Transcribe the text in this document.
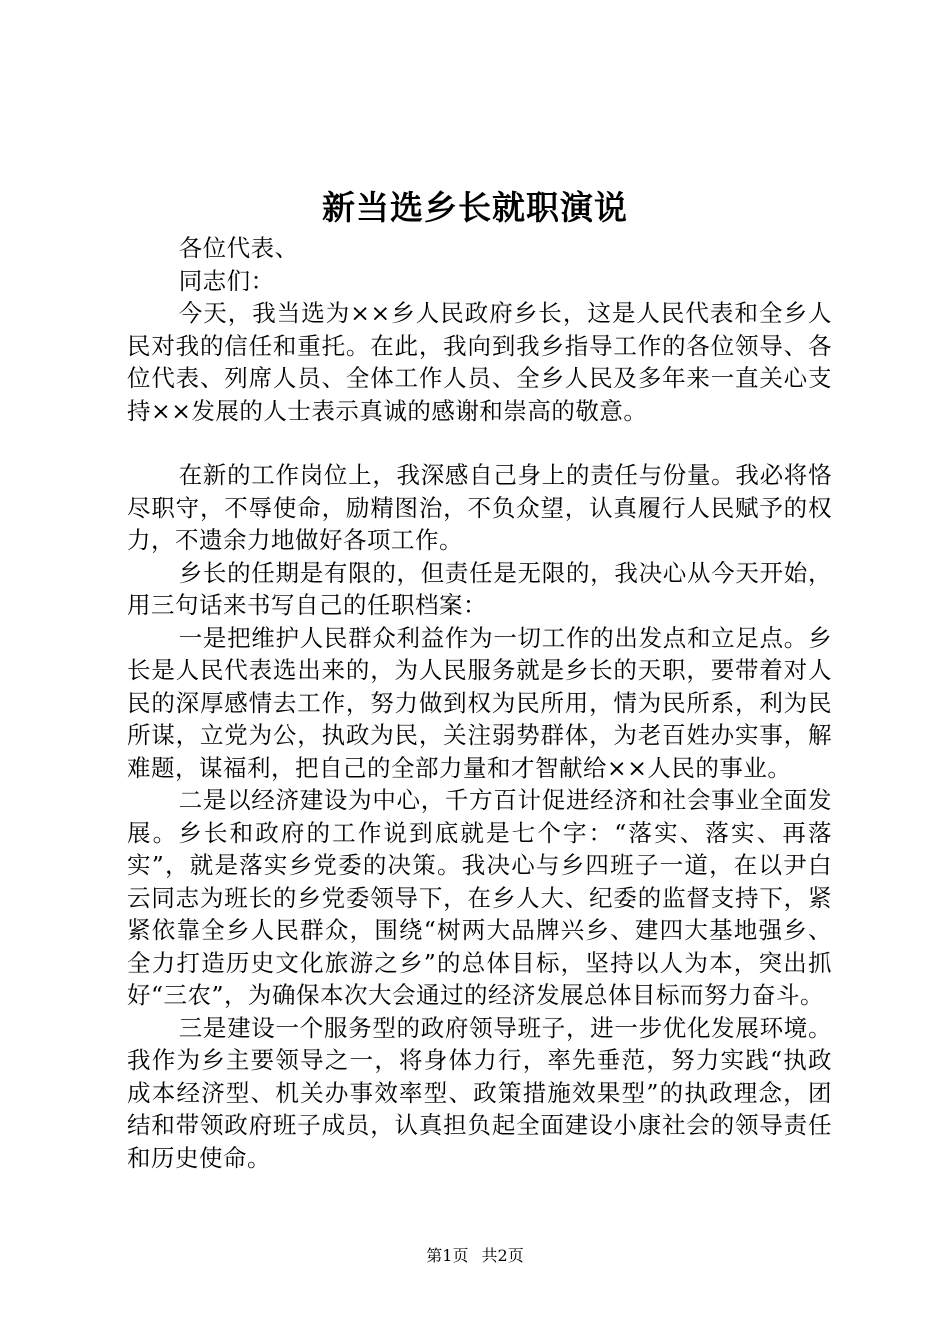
新当选乡长就职演说

各位代表、

同志们：

今天，我当选为××乡人民政府乡长，这是人民代表和全乡人民对我的信任和重托。在此，我向到我乡指导工作的各位领导、各位代表、列席人员、全体工作人员、全乡人民及多年来一直关心支持××发展的人士表示真诚的感谢和崇高的敬意。

在新的工作岗位上，我深感自己身上的责任与份量。我必将恪尽职守，不辱使命，励精图治，不负众望，认真履行人民赋予的权力，不遗余力地做好各项工作。

乡长的任期是有限的，但责任是无限的，我决心从今天开始，用三句话来书写自己的任职档案：

一是把维护人民群众利益作为一切工作的出发点和立足点。乡长是人民代表选出来的，为人民服务就是乡长的天职，要带着对人民的深厚感情去工作，努力做到权为民所用，情为民所系，利为民所谋，立党为公，执政为民，关注弱势群体，为老百姓办实事，解难题，谋福利，把自己的全部力量和才智献给××人民的事业。

二是以经济建设为中心，千方百计促进经济和社会事业全面发展。乡长和政府的工作说到底就是七个字：“落实、落实、再落实”，就是落实乡党委的决策。我决心与乡四班子一道，在以尹白云同志为班长的乡党委领导下，在乡人大、纪委的监督支持下，紧紧依靠全乡人民群众，围绕“树两大品牌兴乡、建四大基地强乡、全力打造历史文化旅游之乡”的总体目标，坚持以人为本，突出抓好“三农”，为确保本次大会通过的经济发展总体目标而努力奋斗。

三是建设一个服务型的政府领导班子，进一步优化发展环境。我作为乡主要领导之一，将身体力行，率先垂范，努力实践“执政成本经济型、机关办事效率型、政策措施效果型”的执政理念，团结和带领政府班子成员，认真担负起全面建设小康社会的领导责任和历史使命。

第1页 共2页
